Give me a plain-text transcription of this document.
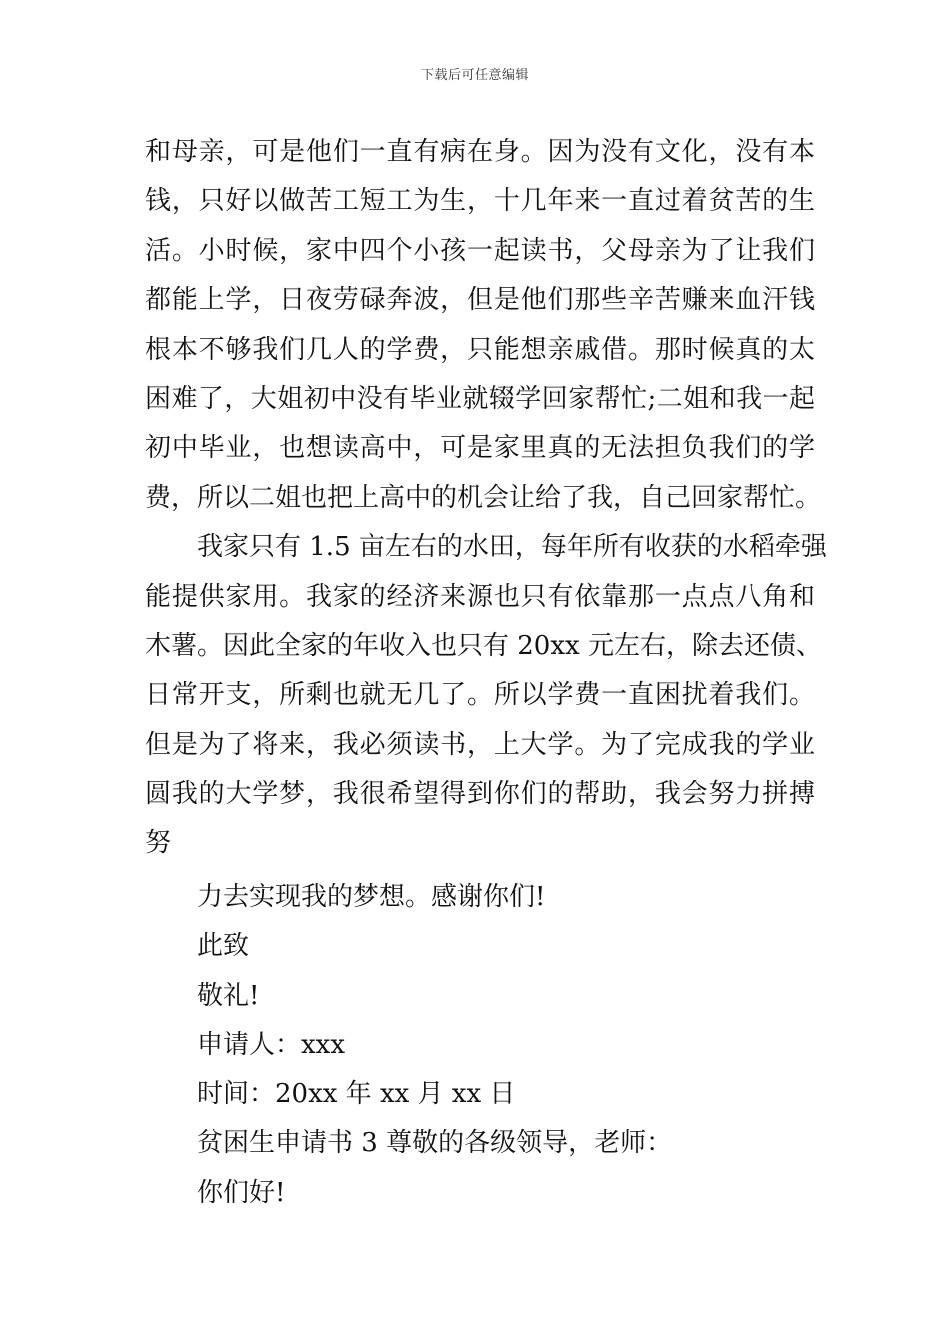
下载后可任意编辑
和母亲，可是他们一直有病在身。因为没有文化，没有本
钱，只好以做苦工短工为生，十几年来一直过着贫苦的生
活。小时候，家中四个小孩一起读书，父母亲为了让我们
都能上学，日夜劳碌奔波，但是他们那些辛苦赚来血汗钱
根本不够我们几人的学费，只能想亲戚借。那时候真的太
困难了，大姐初中没有毕业就辍学回家帮忙;二姐和我一起
初中毕业，也想读高中，可是家里真的无法担负我们的学
费，所以二姐也把上高中的机会让给了我，自己回家帮忙。
我家只有 1.5 亩左右的水田，每年所有收获的水稻牵强
能提供家用。我家的经济来源也只有依靠那一点点八角和
木薯。因此全家的年收入也只有 20xx 元左右，除去还债、
日常开支，所剩也就无几了。所以学费一直困扰着我们。
但是为了将来，我必须读书，上大学。为了完成我的学业
圆我的大学梦，我很希望得到你们的帮助，我会努力拼搏
努
力去实现我的梦想。感谢你们!
此致
敬礼!
申请人：xxx
时间：20xx 年 xx 月 xx 日
贫困生申请书 3 尊敬的各级领导，老师：
你们好!
